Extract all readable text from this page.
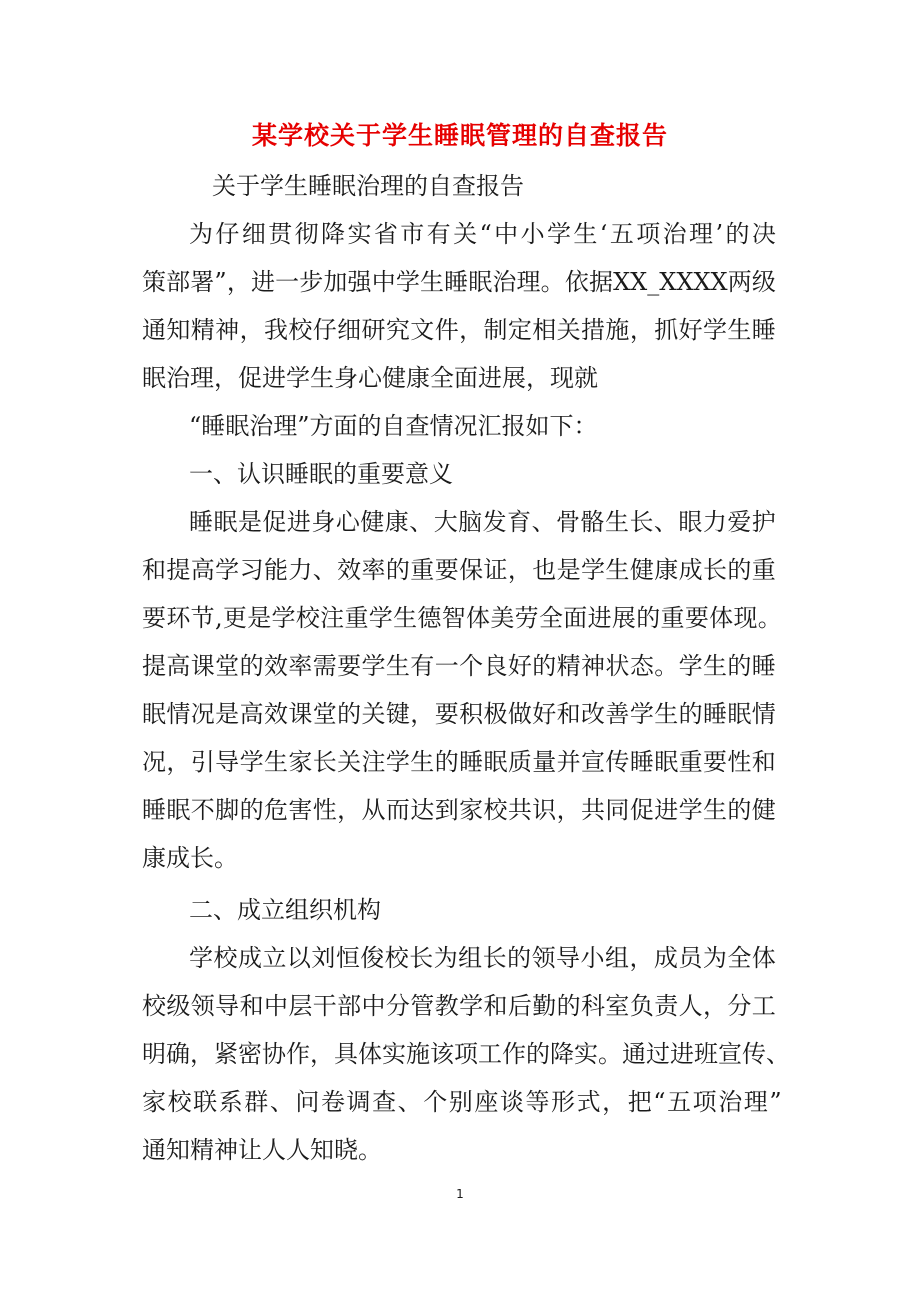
某学校关于学生睡眠管理的自查报告
关于学生睡眠治理的自查报告
为 仔 细 贯 彻 降 实 省 市 有 关 “ 中 小 学 生 ‘ 五 项 治 理 ’ 的 决
策 部 署 ” ， 进 一 步 加 强 中 学 生 睡 眠 治 理 。 依 据 XX_XXXX 两 级
通 知 精 神 ， 我 校 仔 细 研 究 文 件 ， 制 定 相 关 措 施 ， 抓 好 学 生 睡
眠治理，促进学生身心健康全面进展，现就
“睡眠治理”方面的自查情况汇报如下：
一、认识睡眠的重要意义
睡 眠 是 促 进 身 心 健 康 、 大 脑 发 育 、 骨 骼 生 长 、 眼 力 爱 护
和 提 高 学 习 能 力 、 效 率 的 重 要 保 证 ， 也 是 学 生 健 康 成 长 的 重
要 环 节 , 更 是 学 校 注 重 学 生 德 智 体 美 劳 全 面 进 展 的 重 要 体 现 。
提 高 课 堂 的 效 率 需 要 学 生 有 一 个 良 好 的 精 神 状 态 。 学 生 的 睡
眠 情 况 是 高 效 课 堂 的 关 键 ， 要 积 极 做 好 和 改 善 学 生 的 睡 眠 情
况 ， 引 导 学 生 家 长 关 注 学 生 的 睡 眠 质 量 并 宣 传 睡 眠 重 要 性 和
睡 眠 不 脚 的 危 害 性 ， 从 而 达 到 家 校 共 识 ， 共 同 促 进 学 生 的 健
康成长。
二、成立组织机构
学 校 成 立 以 刘 恒 俊 校 长 为 组 长 的 领 导 小 组 ， 成 员 为 全 体
校 级 领 导 和 中 层 干 部 中 分 管 教 学 和 后 勤 的 科 室 负 责 人 ， 分 工
明 确 ， 紧 密 协 作 ， 具 体 实 施 该 项 工 作 的 降 实 。 通 过 进 班 宣 传 、
家 校 联 系 群 、 问 卷 调 查 、 个 别 座 谈 等 形 式 ， 把 “ 五 项 治 理 ”
通知精神让人人知晓。
1
